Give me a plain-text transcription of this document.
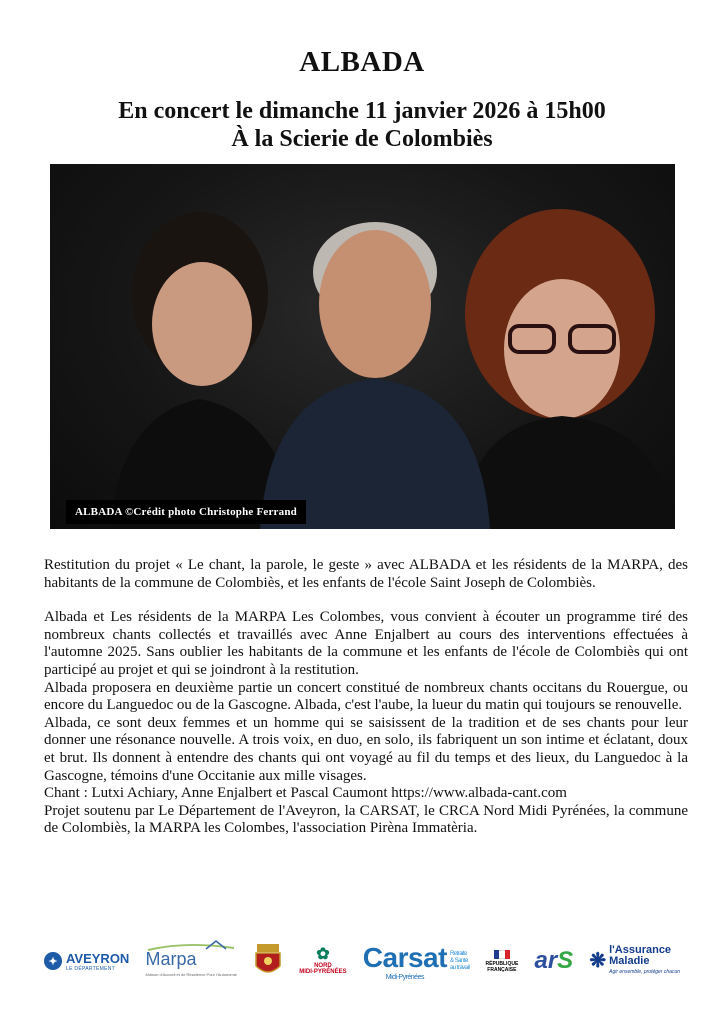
ALBADA
En concert le dimanche 11 janvier 2026 à 15h00
À la Scierie de Colombiès
ALBADA ©Crédit photo Christophe Ferrand

Restitution du projet « Le chant, la parole, le geste » avec ALBADA et les résidents de la MARPA, des habitants de la commune de Colombiès, et les enfants de l'école Saint Joseph de Colombiès.

Albada et Les résidents de la MARPA Les Colombes, vous convient à écouter un programme tiré des nombreux chants collectés et travaillés avec Anne Enjalbert au cours des interventions effectuées à l'automne 2025. Sans oublier les habitants de la commune et les enfants de l'école de Colombiès qui ont participé au projet et qui se joindront à la restitution.

Albada proposera en deuxième partie un concert constitué de nombreux chants occitans du Rouergue, ou encore du Languedoc ou de la Gascogne. Albada, c'est l'aube, la lueur du matin qui toujours se renouvelle.

Albada, ce sont deux femmes et un homme qui se saisissent de la tradition et de ses chants pour leur donner une résonance nouvelle. A trois voix, en duo, en solo, ils fabriquent un son intime et éclatant, doux et brut. Ils donnent à entendre des chants qui ont voyagé au fil du temps et des lieux, du Languedoc à la Gascogne, témoins d'une Occitanie aux mille visages.

Chant : Lutxi Achiary, Anne Enjalbert et Pascal Caumont https://www.albada-cant.com

Projet soutenu par Le Département de l'Aveyron, la CARSAT, le CRCA Nord Midi Pyrénées, la commune de Colombiès, la MARPA les Colombes, l'association Pirèna Immatèria.

✦ AVEYRON
LE DÉPARTEMENT	Marpa
Maison d'Accueil et de Résidence Pour l'Autonomie
✿
NORD
MIDI-PYRÉNÉES Carsat
Midi-Pyrénées
Retraite
& Santé
au travail
RÉPUBLIQUE
FRANÇAISE ar S ❋ l'Assurance
Maladie
Agir ensemble, protéger chacun
